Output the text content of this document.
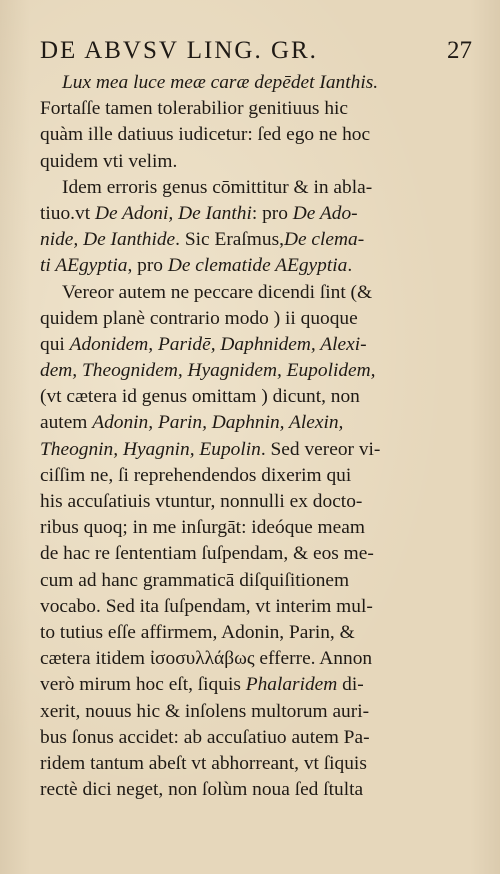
DE ABVSV LING. GR.	27
Lux mea luce meæ caræ depēdet Ianthis.
Fortaſſe tamen tolerabilior genitiuus hic
quàm ille datiuus iudicetur: ſed ego ne hoc
quidem vti velim.
Idem erroris genus cōmittitur & in abla-
tiuo.vt De Adoni, De Ianthi: pro De Ado-
nide, De Ianthide. Sic Eraſmus,De clema-
ti AEgyptia, pro De clematide AEgyptia.
Vereor autem ne peccare dicendi ſint (&
quidem planè contrario modo ) ii quoque
qui Adonidem, Paridē, Daphnidem, Alexi-
dem, Theognidem, Hyagnidem, Eupolidem,
(vt cætera id genus omittam ) dicunt, non
autem Adonin, Parin, Daphnin, Alexin,
Theognin, Hyagnin, Eupolin. Sed vereor vi-
ciſſim ne, ſi reprehendendos dixerim qui
his accuſatiuis vtuntur, nonnulli ex docto-
ribus quoq; in me inſurgāt: ideóque meam
de hac re ſententiam ſuſpendam, & eos me-
cum ad hanc grammaticā diſquiſitionem
vocabo. Sed ita ſuſpendam, vt interim mul-
to tutius eſſe affirmem, Adonin, Parin, &
cætera itidem ἰσοσυλλάβως efferre. Annon
verò mirum hoc eſt, ſiquis Phalaridem di-
xerit, nouus hic & inſolens multorum auri-
bus ſonus accidet: ab accuſatiuo autem Pa-
ridem tantum abeſt vt abhorreant, vt ſiquis
rectè dici neget, non ſolùm noua ſed ſtulta
